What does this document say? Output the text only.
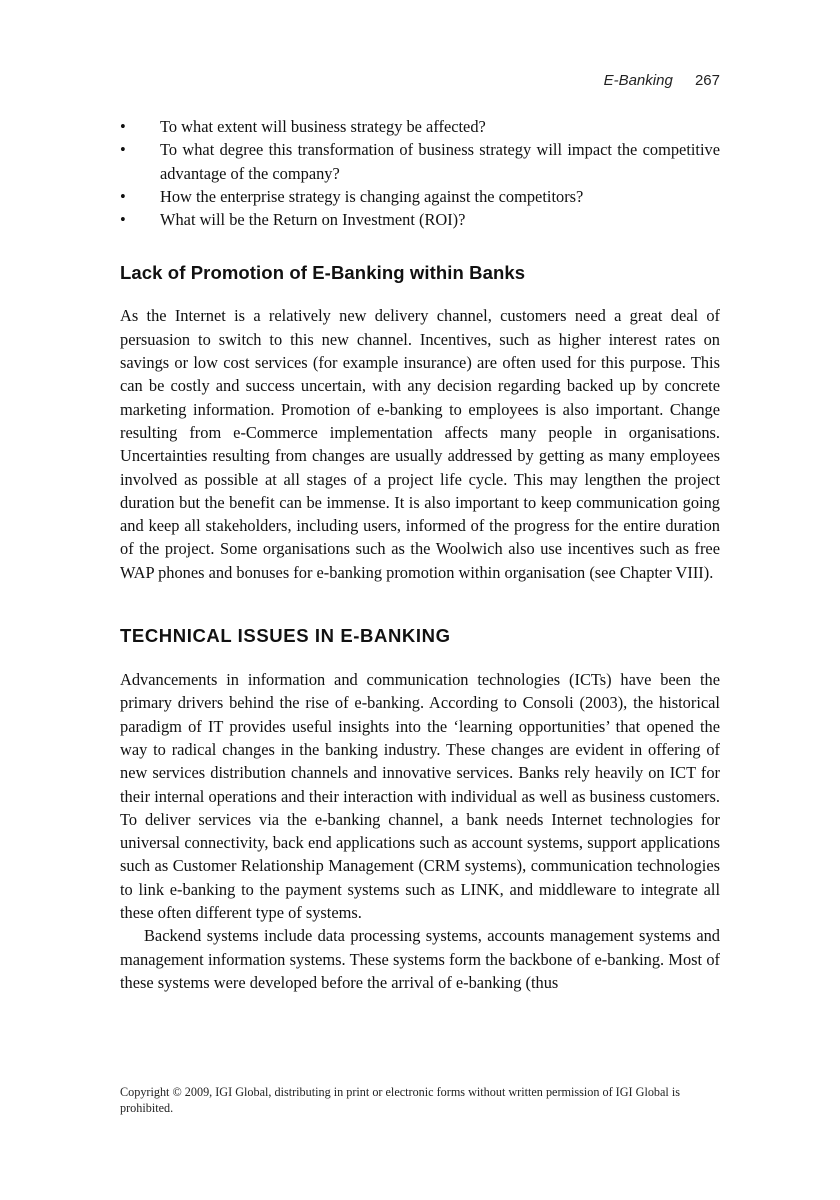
E-Banking 267
• To what extent will business strategy be affected?
• To what degree this transformation of business strategy will impact the competitive advantage of the company?
• How the enterprise strategy is changing against the competitors?
• What will be the Return on Investment (ROI)?
Lack of Promotion of E-Banking within Banks

As the Internet is a relatively new delivery channel, customers need a great deal of persuasion to switch to this new channel. Incentives, such as higher interest rates on savings or low cost services (for example insurance) are often used for this purpose. This can be costly and success uncertain, with any decision regarding backed up by concrete marketing information. Promotion of e-banking to employees is also important. Change resulting from e-Commerce implementation affects many people in organisations. Uncertainties resulting from changes are usually addressed by getting as many employees involved as possible at all stages of a project life cycle. This may lengthen the project duration but the benefit can be immense. It is also important to keep communication going and keep all stakeholders, including users, informed of the progress for the entire duration of the project. Some organisations such as the Woolwich also use incentives such as free WAP phones and bonuses for e-banking promotion within organisation (see Chapter VIII).

TECHNICAL ISSUES IN E-BANKING

Advancements in information and communication technologies (ICTs) have been the primary drivers behind the rise of e-banking. According to Consoli (2003), the historical paradigm of IT provides useful insights into the ‘learning opportunities’ that opened the way to radical changes in the banking industry. These changes are evident in offering of new services distribution channels and innovative services. Banks rely heavily on ICT for their internal operations and their interaction with individual as well as business customers. To deliver services via the e-banking channel, a bank needs Internet technologies for universal connectivity, back end applications such as account systems, support applications such as Customer Relationship Management (CRM systems), communication technologies to link e-banking to the payment systems such as LINK, and middleware to integrate all these often different type of systems.

Backend systems include data processing systems, accounts management systems and management information systems. These systems form the backbone of e-banking. Most of these systems were developed before the arrival of e-banking (thus

Copyright © 2009, IGI Global, distributing in print or electronic forms without written permission of IGI Global is prohibited.
